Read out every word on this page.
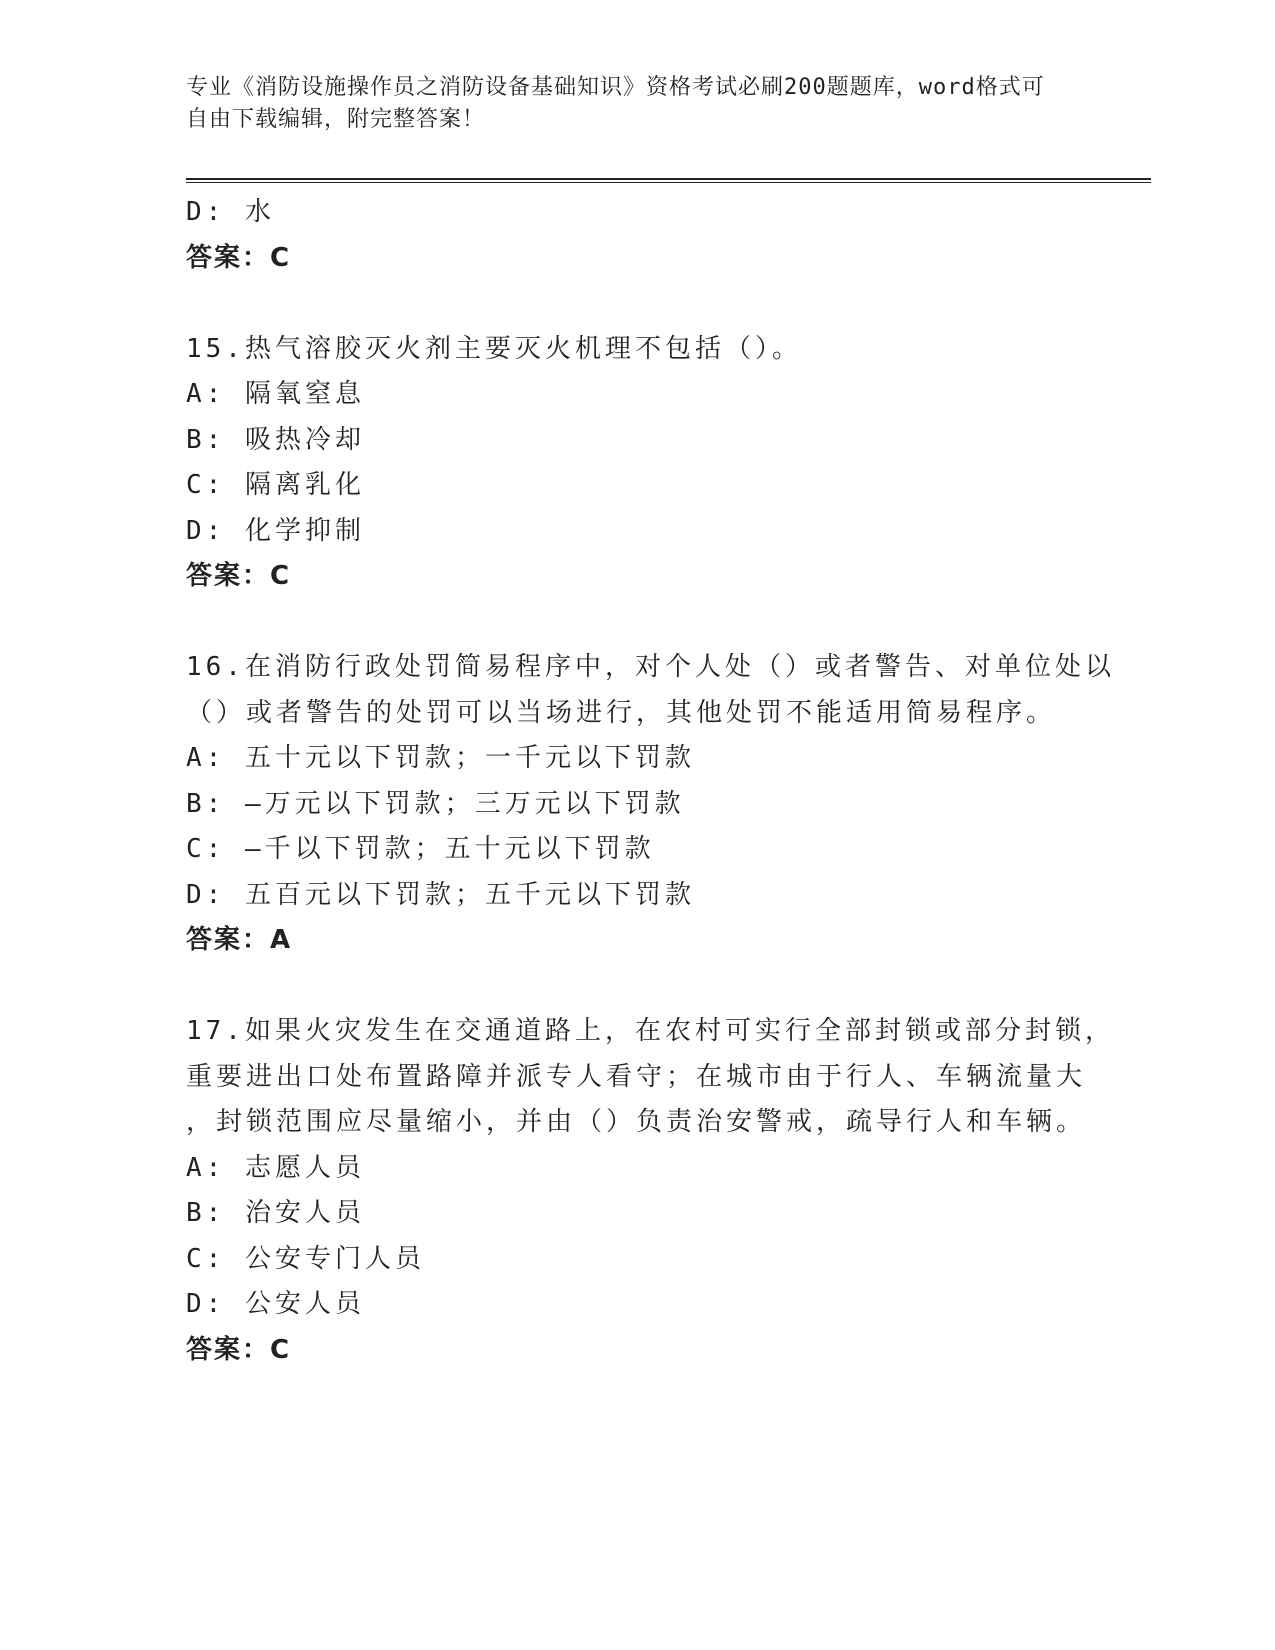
专业《消防设施操作员之消防设备基础知识》资格考试必刷200题题库，word格式可自由下载编辑，附完整答案！
D: 水
答案：C
15.热气溶胶灭火剂主要灭火机理不包括（）。
A: 隔氧窒息
B: 吸热冷却
C: 隔离乳化
D: 化学抑制
答案：C
16.在消防行政处罚简易程序中，对个人处（）或者警告、对单位处以
（）或者警告的处罚可以当场进行，其他处罚不能适用简易程序。
A: 五十元以下罚款；一千元以下罚款
B: —万元以下罚款；三万元以下罚款
C: —千以下罚款；五十元以下罚款
D: 五百元以下罚款；五千元以下罚款
答案：A
17.如果火灾发生在交通道路上，在农村可实行全部封锁或部分封锁，
重要进出口处布置路障并派专人看守；在城市由于行人、车辆流量大
，封锁范围应尽量缩小，并由（）负责治安警戒，疏导行人和车辆。
A: 志愿人员
B: 治安人员
C: 公安专门人员
D: 公安人员
答案：C
